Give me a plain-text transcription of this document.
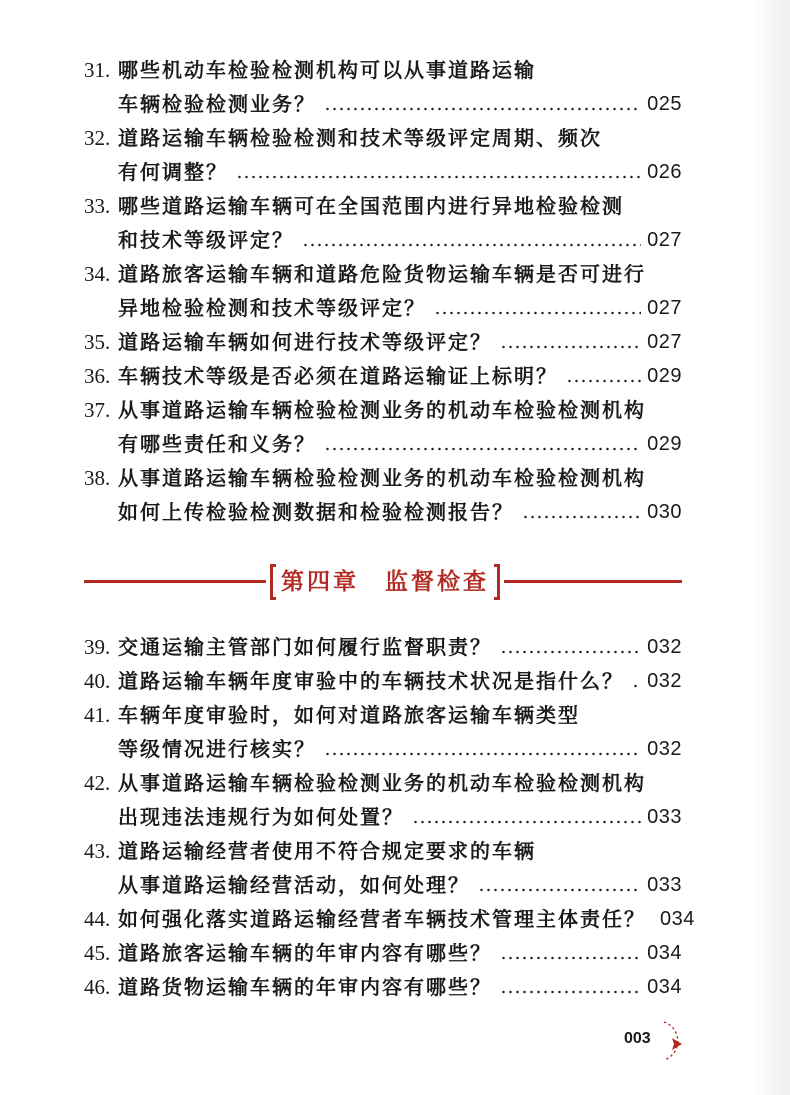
31. 哪些机动车检验检测机构可以从事道路运输
车辆检验检测业务？	025
32. 道路运输车辆检验检测和技术等级评定周期、频次
有何调整？	026
33. 哪些道路运输车辆可在全国范围内进行异地检验检测
和技术等级评定？	027
34. 道路旅客运输车辆和道路危险货物运输车辆是否可进行
异地检验检测和技术等级评定？	027
35. 道路运输车辆如何进行技术等级评定？	027
36. 车辆技术等级是否必须在道路运输证上标明？	029
37. 从事道路运输车辆检验检测业务的机动车检验检测机构
有哪些责任和义务？	029
38. 从事道路运输车辆检验检测业务的机动车检验检测机构
如何上传检验检测数据和检验检测报告？	030
第四章　监督检查
39. 交通运输主管部门如何履行监督职责？	032
40. 道路运输车辆年度审验中的车辆技术状况是指什么？ 032
41. 车辆年度审验时，如何对道路旅客运输车辆类型
等级情况进行核实？	032
42. 从事道路运输车辆检验检测业务的机动车检验检测机构
出现违法违规行为如何处置？	033
43. 道路运输经营者使用不符合规定要求的车辆
从事道路运输经营活动，如何处理？	033
44. 如何强化落实道路运输经营者车辆技术管理主体责任？ 034
45. 道路旅客运输车辆的年审内容有哪些？	034
46. 道路货物运输车辆的年审内容有哪些？	034
003
